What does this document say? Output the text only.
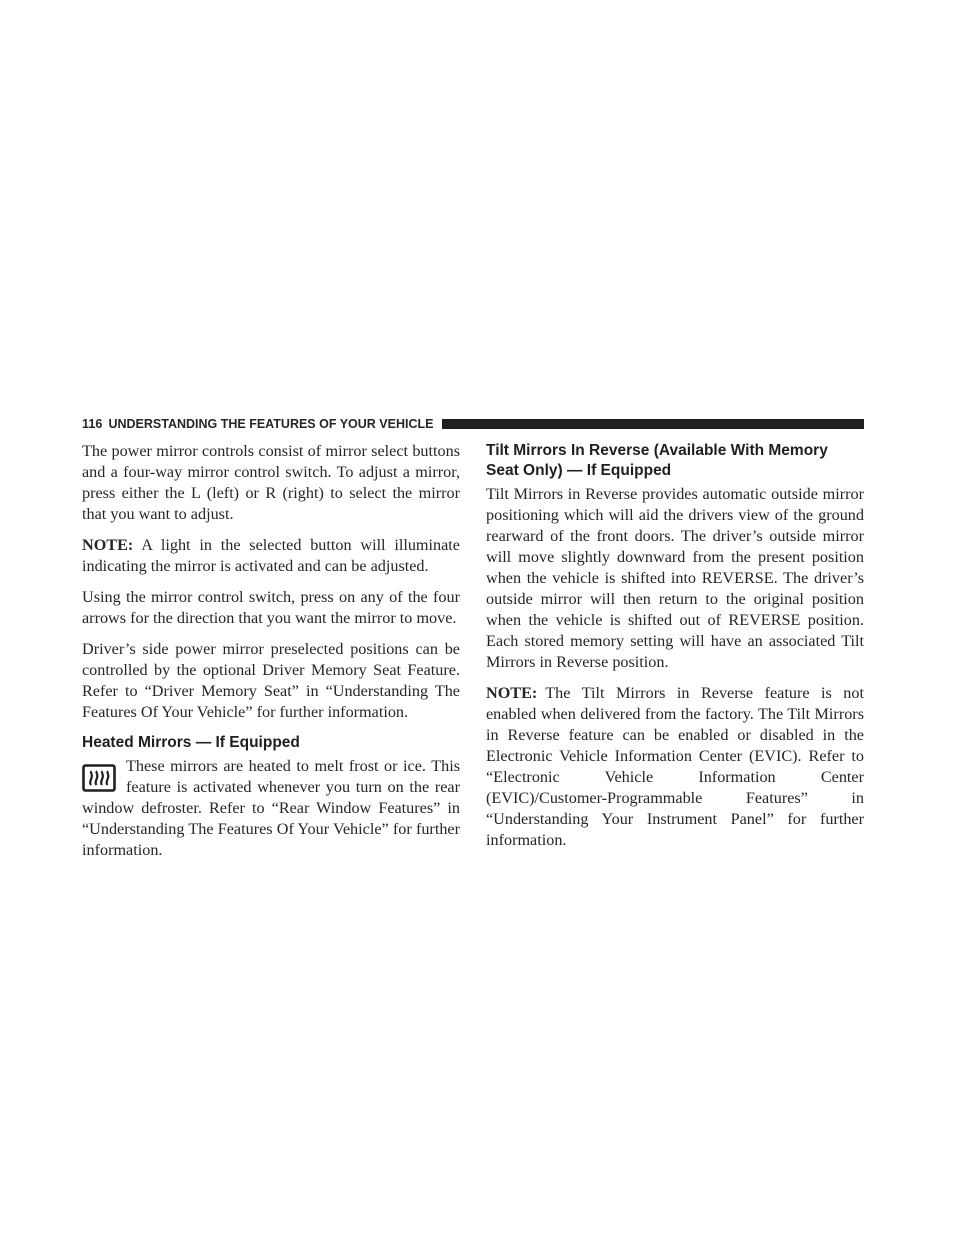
116 UNDERSTANDING THE FEATURES OF YOUR VEHICLE

The power mirror controls consist of mirror select buttons and a four-way mirror control switch. To adjust a mirror, press either the L (left) or R (right) to select the mirror that you want to adjust.

NOTE: A light in the selected button will illuminate indicating the mirror is activated and can be adjusted.

Using the mirror control switch, press on any of the four arrows for the direction that you want the mirror to move.

Driver’s side power mirror preselected positions can be controlled by the optional Driver Memory Seat Feature. Refer to “Driver Memory Seat” in “Understanding The Features Of Your Vehicle” for further information.

Heated Mirrors — If Equipped
These mirrors are heated to melt frost or ice. This feature is activated whenever you turn on the rear window defroster. Refer to “Rear Window Features” in “Understanding The Features Of Your Vehicle” for further information.
Tilt Mirrors In Reverse (Available With Memory Seat Only) — If Equipped

Tilt Mirrors in Reverse provides automatic outside mirror positioning which will aid the drivers view of the ground rearward of the front doors. The driver’s outside mirror will move slightly downward from the present position when the vehicle is shifted into REVERSE. The driver’s outside mirror will then return to the original position when the vehicle is shifted out of REVERSE position. Each stored memory setting will have an associated Tilt Mirrors in Reverse position.

NOTE: The Tilt Mirrors in Reverse feature is not enabled when delivered from the factory. The Tilt Mirrors in Reverse feature can be enabled or disabled in the Electronic Vehicle Information Center (EVIC). Refer to “Electronic Vehicle Information Center (EVIC)/Customer-Programmable Features” in “Understanding Your Instrument Panel” for further information.
